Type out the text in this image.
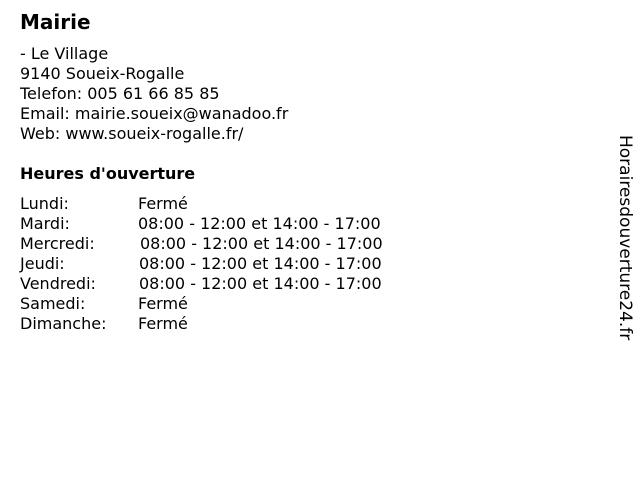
Mairie
- Le Village
9140 Soueix-Rogalle
Telefon: 005 61 66 85 85
Email: mairie.soueix@wanadoo.fr
Web: www.soueix-rogalle.fr/
Heures d'ouverture
Lundi:	Fermé
Mardi:	08:00 - 12:00 et 14:00 - 17:00
Mercredi:	08:00 - 12:00 et 14:00 - 17:00
Jeudi:	08:00 - 12:00 et 14:00 - 17:00
Vendredi:	08:00 - 12:00 et 14:00 - 17:00
Samedi:	Fermé
Dimanche: Fermé	Horairesdouverture24.fr
